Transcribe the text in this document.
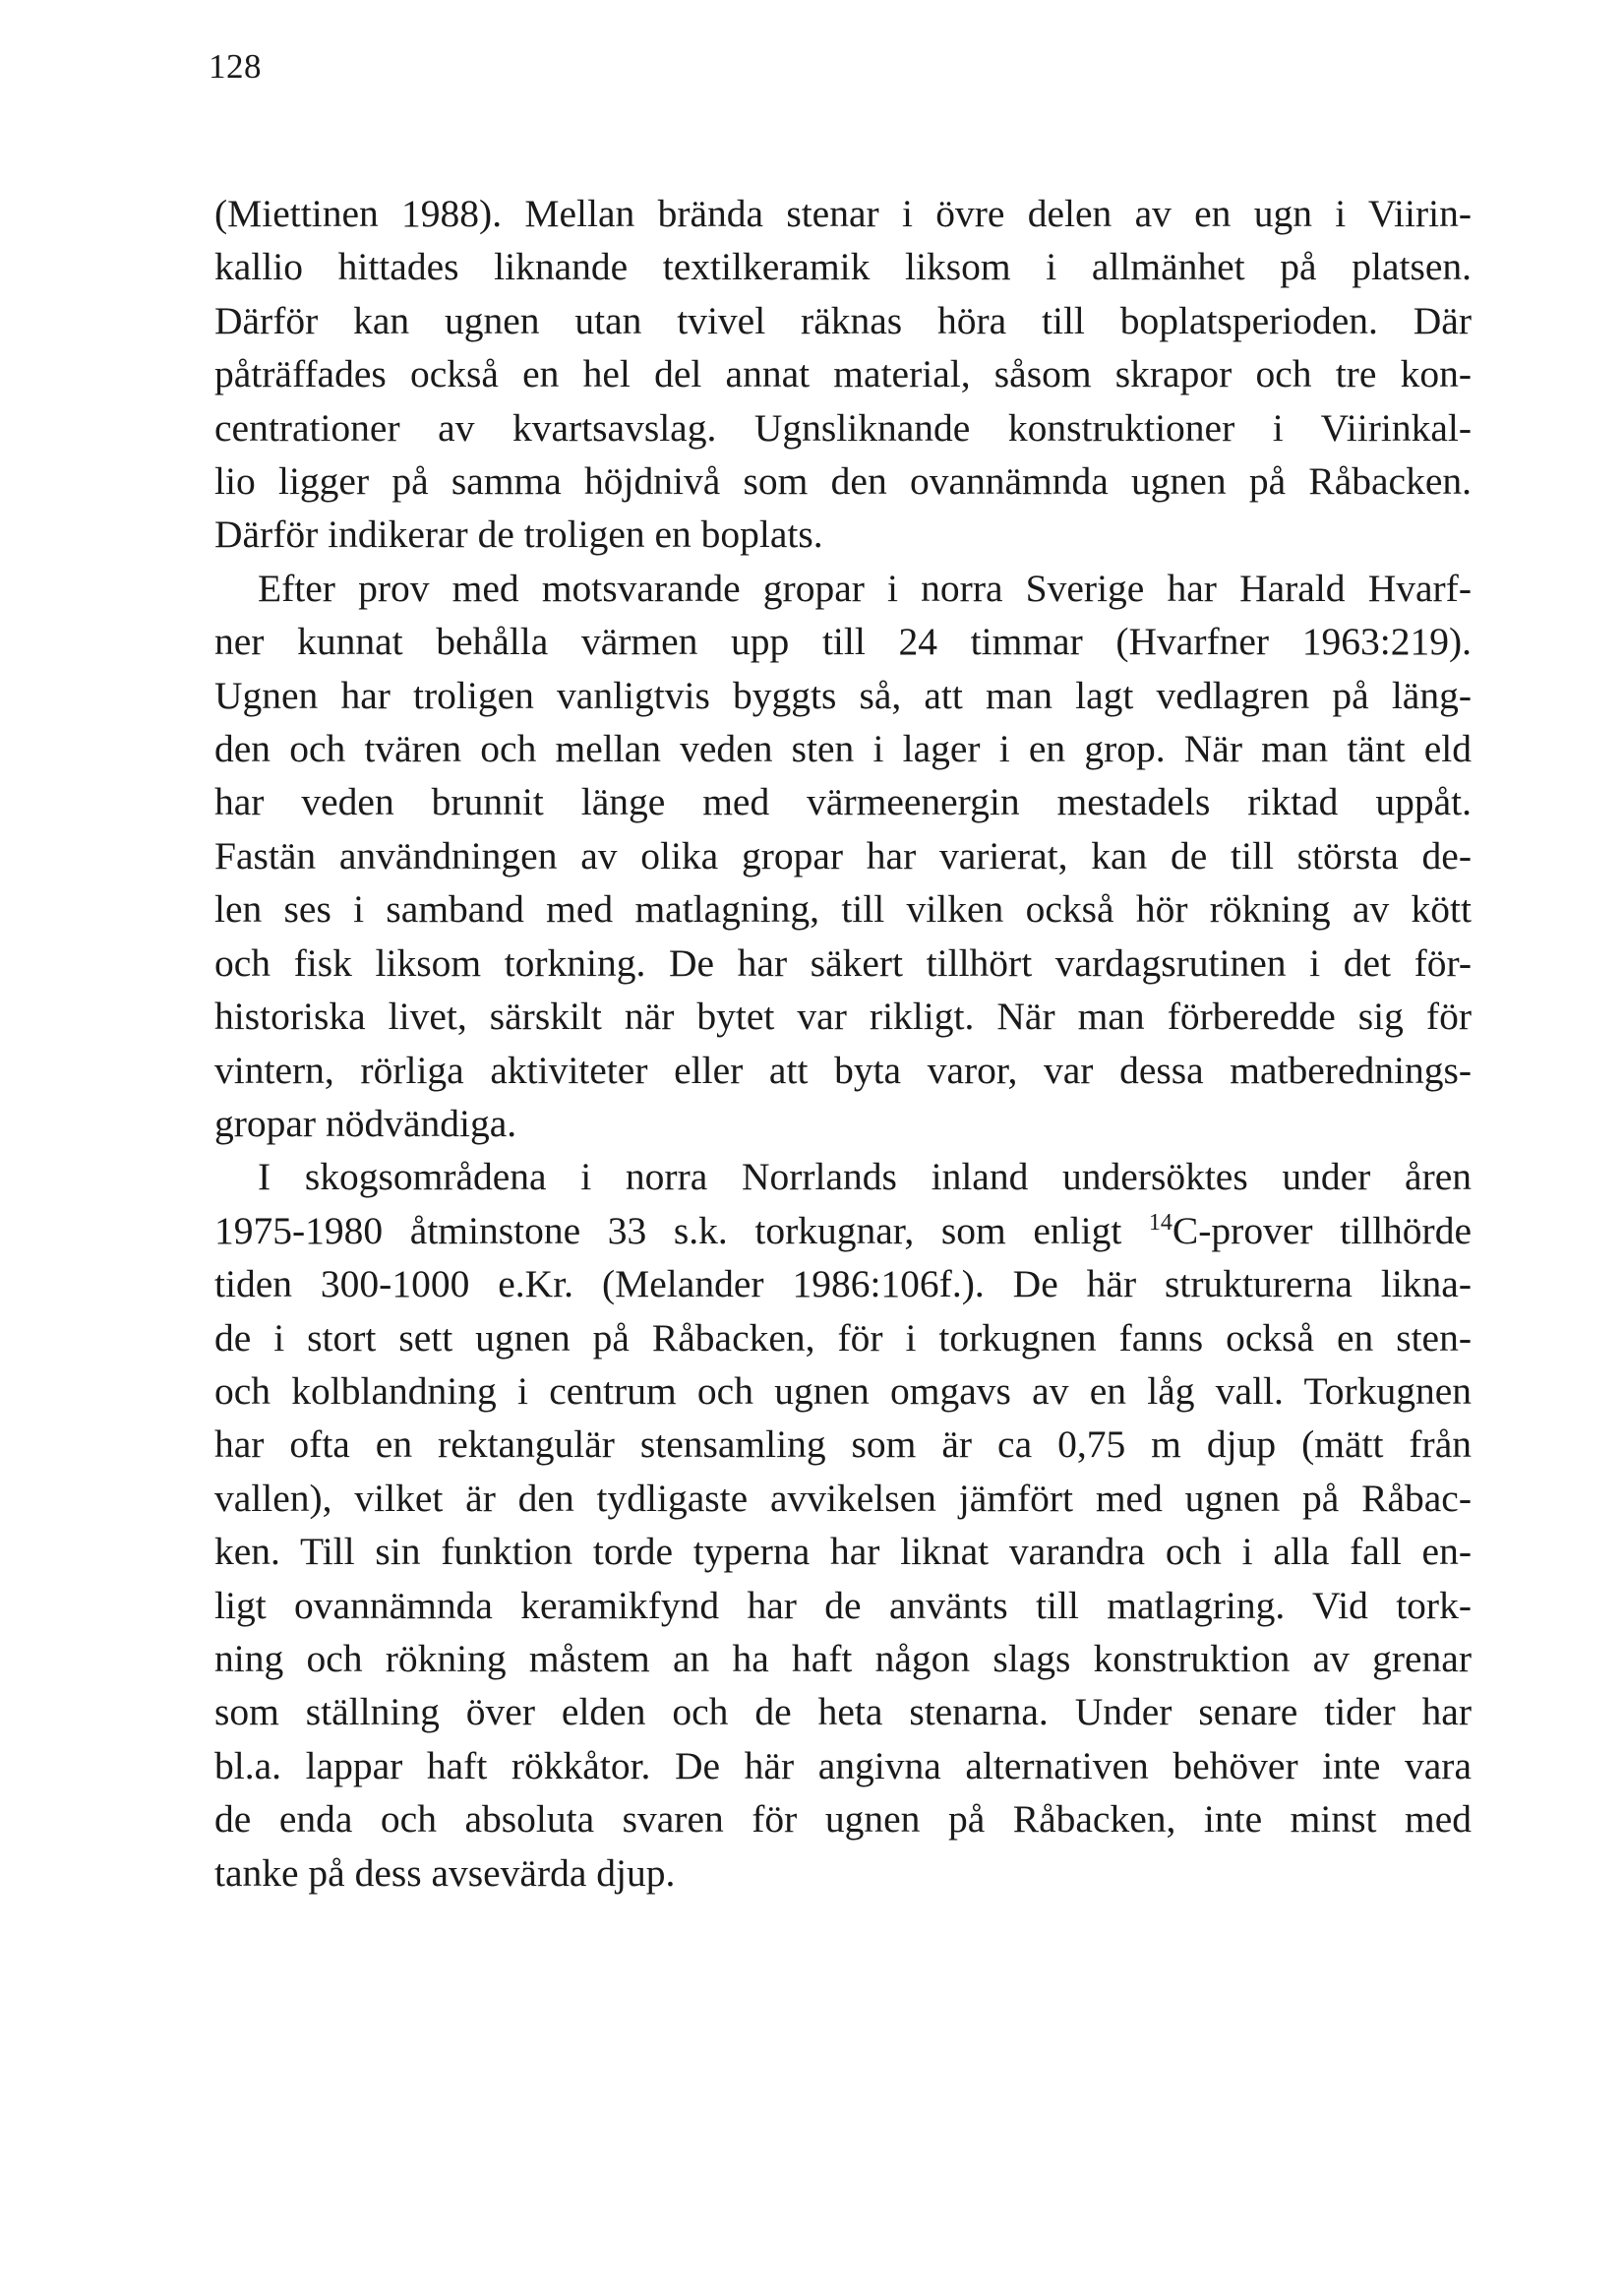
128

(Miettinen 1988). Mellan brända stenar i övre delen av en ugn i Viirin-
kallio hittades liknande textilkeramik liksom i allmänhet på platsen.
Därför kan ugnen utan tvivel räknas höra till boplatsperioden. Där
påträffades också en hel del annat material, såsom skrapor och tre kon-
centrationer av kvartsavslag. Ugnsliknande konstruktioner i Viirinkal-
lio ligger på samma höjdnivå som den ovannämnda ugnen på Råbacken.
Därför indikerar de troligen en boplats.

Efter prov med motsvarande gropar i norra Sverige har Harald Hvarf-
ner kunnat behålla värmen upp till 24 timmar (Hvarfner 1963:219).
Ugnen har troligen vanligtvis byggts så, att man lagt vedlagren på läng-
den och tvären och mellan veden sten i lager i en grop. När man tänt eld
har veden brunnit länge med värmeenergin mestadels riktad uppåt.
Fastän användningen av olika gropar har varierat, kan de till största de-
len ses i samband med matlagning, till vilken också hör rökning av kött
och fisk liksom torkning. De har säkert tillhört vardagsrutinen i det för-
historiska livet, särskilt när bytet var rikligt. När man förberedde sig för
vintern, rörliga aktiviteter eller att byta varor, var dessa matberednings-
gropar nödvändiga.

I skogsområdena i norra Norrlands inland undersöktes under åren
1975-1980 åtminstone 33 s.k. torkugnar, som enligt $^{14}$C-prover tillhörde
tiden 300-1000 e.Kr. (Melander 1986:106f.). De här strukturerna likna-
de i stort sett ugnen på Råbacken, för i torkugnen fanns också en sten-
och kolblandning i centrum och ugnen omgavs av en låg vall. Torkugnen
har ofta en rektangulär stensamling som är ca 0,75 m djup (mätt från
vallen), vilket är den tydligaste avvikelsen jämfört med ugnen på Råbac-
ken. Till sin funktion torde typerna har liknat varandra och i alla fall en-
ligt ovannämnda keramikfynd har de använts till matlagring. Vid tork-
ning och rökning måstem an ha haft någon slags konstruktion av grenar
som ställning över elden och de heta stenarna. Under senare tider har
bl.a. lappar haft rökkåtor. De här angivna alternativen behöver inte vara
de enda och absoluta svaren för ugnen på Råbacken, inte minst med
tanke på dess avsevärda djup.
